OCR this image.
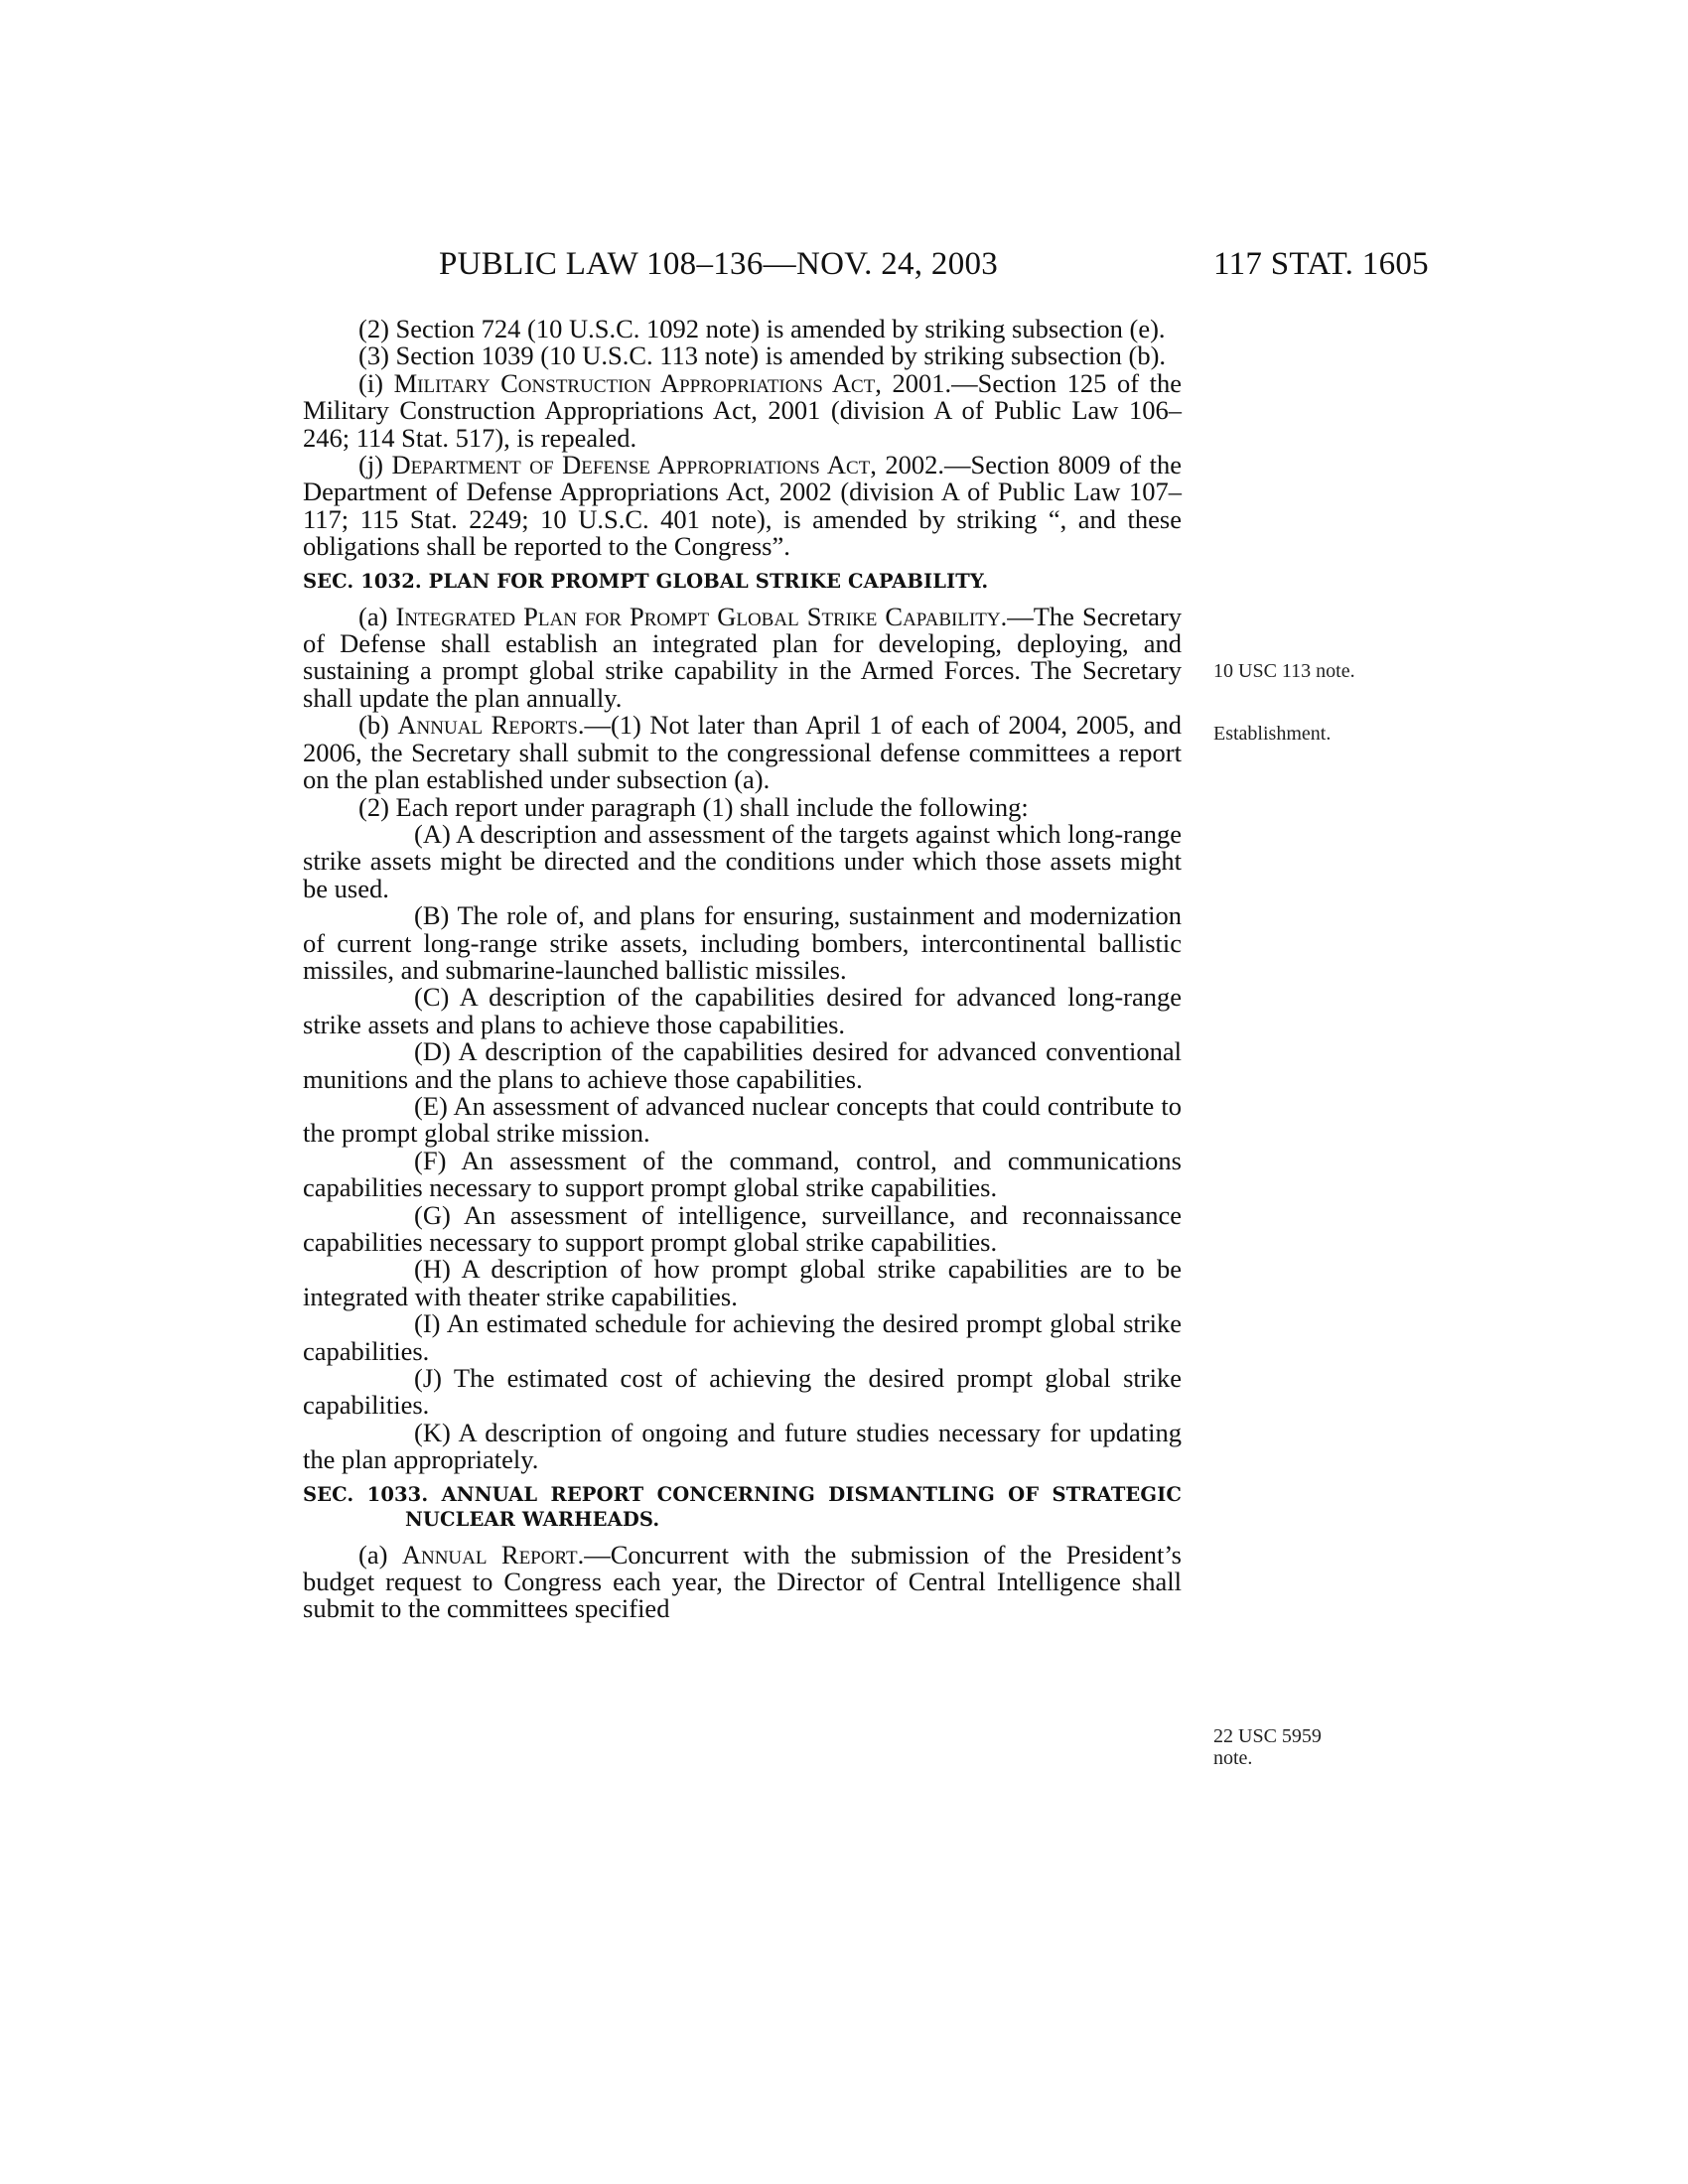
PUBLIC LAW 108–136—NOV. 24, 2003	117 STAT. 1605

(2) Section 724 (10 U.S.C. 1092 note) is amended by striking subsection (e).

(3) Section 1039 (10 U.S.C. 113 note) is amended by striking subsection (b).

(i) Military Construction Appropriations Act, 2001.—Section 125 of the Military Construction Appropriations Act, 2001 (division A of Public Law 106–246; 114 Stat. 517), is repealed.

(j) Department of Defense Appropriations Act, 2002.—Section 8009 of the Department of Defense Appropriations Act, 2002 (division A of Public Law 107–117; 115 Stat. 2249; 10 U.S.C. 401 note), is amended by striking “, and these obligations shall be reported to the Congress”.

SEC. 1032. PLAN FOR PROMPT GLOBAL STRIKE CAPABILITY.

(a) Integrated Plan for Prompt Global Strike Capability.—The Secretary of Defense shall establish an integrated plan for developing, deploying, and sustaining a prompt global strike capability in the Armed Forces. The Secretary shall update the plan annually.

(b) Annual Reports.—(1) Not later than April 1 of each of 2004, 2005, and 2006, the Secretary shall submit to the congressional defense committees a report on the plan established under subsection (a).

(2) Each report under paragraph (1) shall include the following:

(A) A description and assessment of the targets against which long-range strike assets might be directed and the conditions under which those assets might be used.

(B) The role of, and plans for ensuring, sustainment and modernization of current long-range strike assets, including bombers, intercontinental ballistic missiles, and submarine-launched ballistic missiles.

(C) A description of the capabilities desired for advanced long-range strike assets and plans to achieve those capabilities.

(D) A description of the capabilities desired for advanced conventional munitions and the plans to achieve those capabilities.

(E) An assessment of advanced nuclear concepts that could contribute to the prompt global strike mission.

(F) An assessment of the command, control, and communications capabilities necessary to support prompt global strike capabilities.

(G) An assessment of intelligence, surveillance, and reconnaissance capabilities necessary to support prompt global strike capabilities.

(H) A description of how prompt global strike capabilities are to be integrated with theater strike capabilities.

(I) An estimated schedule for achieving the desired prompt global strike capabilities.

(J) The estimated cost of achieving the desired prompt global strike capabilities.

(K) A description of ongoing and future studies necessary for updating the plan appropriately.

SEC. 1033. ANNUAL REPORT CONCERNING DISMANTLING OF STRATEGIC NUCLEAR WARHEADS.

(a) Annual Report.—Concurrent with the submission of the President’s budget request to Congress each year, the Director of Central Intelligence shall submit to the committees specified

10 USC 113 note.
Establishment.
22 USC 5959
note.
